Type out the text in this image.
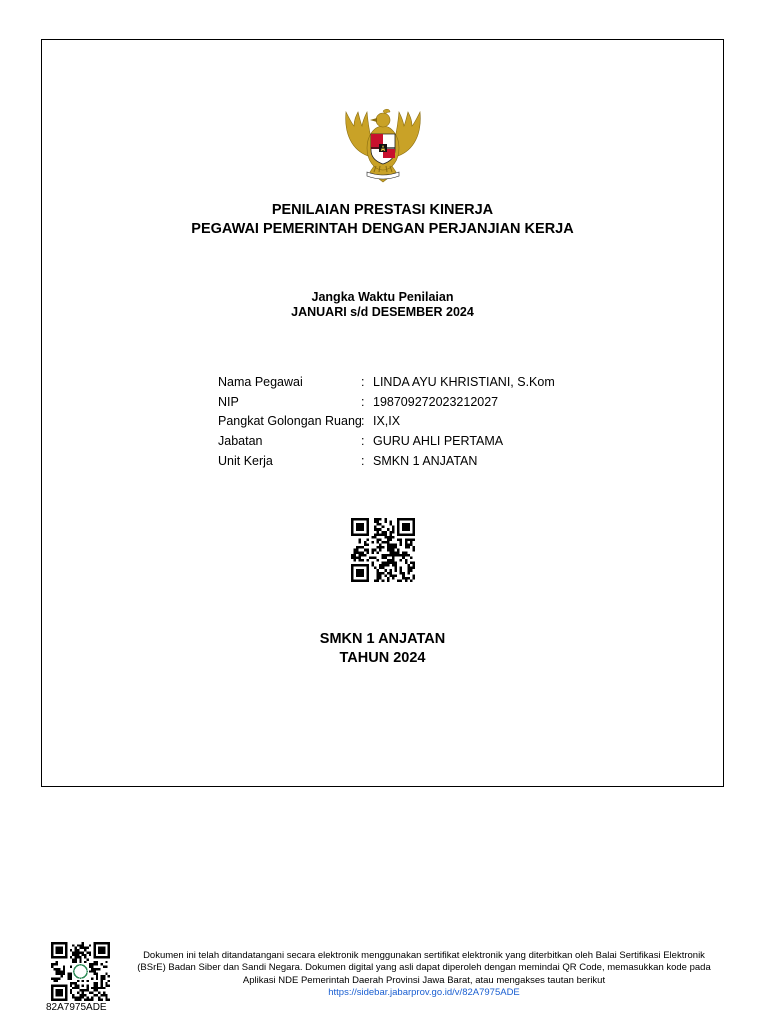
PENILAIAN PRESTASI KINERJA
PEGAWAI PEMERINTAH DENGAN PERJANJIAN KERJA
Jangka Waktu Penilaian
JANUARI s/d DESEMBER 2024
Nama Pegawai	: LINDA AYU KHRISTIANI, S.Kom
NIP	: 198709272023212027
Pangkat Golongan Ruang : IX,IX
Jabatan	: GURU AHLI PERTAMA
Unit Kerja	: SMKN 1 ANJATAN
SMKN 1 ANJATAN
TAHUN 2024
82A7975ADE
Dokumen ini telah ditandatangani secara elektronik menggunakan sertifikat elektronik yang diterbitkan oleh Balai Sertifikasi Elektronik (BSrE) Badan Siber dan Sandi Negara. Dokumen digital yang asli dapat diperoleh dengan memindai QR Code, memasukkan kode pada Aplikasi NDE Pemerintah Daerah Provinsi Jawa Barat, atau mengakses tautan berikut
https://sidebar.jabarprov.go.id/v/82A7975ADE
